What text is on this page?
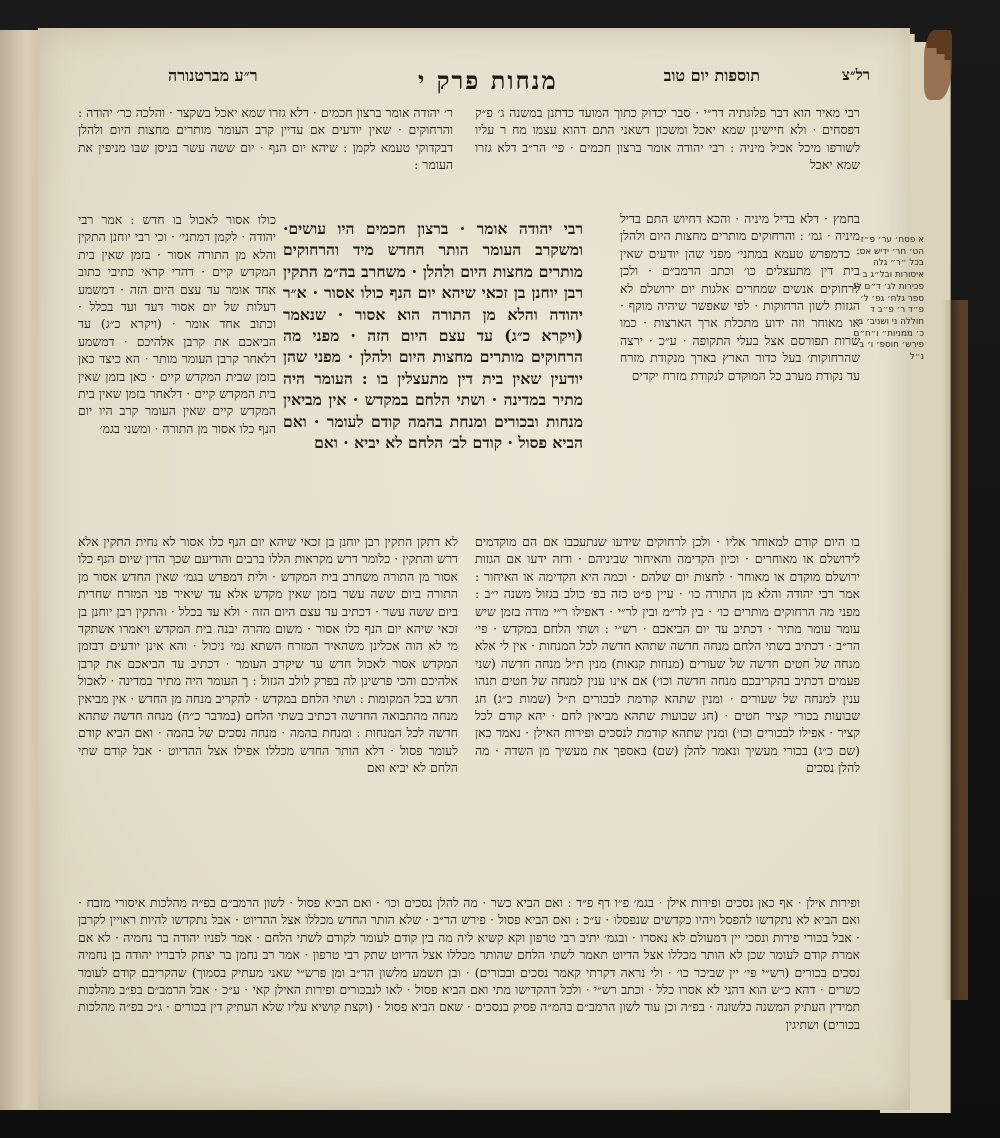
רל״צ
תוספות יום טוב
מנחות פרק י
ר״ע מברטנורה

רבי מאיר הוא דבר פלוגתיה דר״י · סבר יכדוק כתוך המועד כדתנן במשנה ג׳ פ״ק דפסחים · ולא חיישינן שמא יאכל ומשכון דשאני התם דהוא עצמו מח ר עליו לשורפו מיכל אכיל מיניה : רבי יהודה אומר ברצון חכמים · פי׳ הר״ב דלא גזרו שמא יאכל

ר׳ יהודה אומר ברצון חכמים · דלא גזרו שמא יאכל בשקצר · והלכה כר׳ יהודה : והרחוקים · שאין יודעים אם עדיין קרב העומר מותרים מחצות היום ולהלן דבקדוקי טעמא לקמן : שיהא יום הנף · יום ששה עשר בניסן שבו מניפין את העומר :

רבי יהודה אומר · ברצון חכמים היו עושים· ומשקרב העומר הותר החדש מיד והרחוקים מותרים מחצות היום ולהלן · משחרב בה״מ התקין רבן יוחנן בן זכאי שיהא יום הנף כולו אסור · א״ר יהודה והלא מן התורה הוא אסור · שנאמר (ויקרא כ״ג) עד עצם היום הזה · מפני מה הרחוקים מותרים מחצות היום ולהלן · מפני שהן יודעין שאין בית דין מתעצלין בו : העומר היה מתיר במדינה · ושתי הלחם במקדש · אין מביאין מנחות ובכורים ומנחת בהמה קודם לעומר · ואם הביא פסול · קודם לב׳ הלחם לא יביא · ואם

כולו אסור לאכול בו חדש : אמר רבי יהודה · לקמן דמתני׳ · וכי רבי יוחנן התקין והלא מן התורה אסור · בזמן שאין בית המקדש קיים · דהרי קראי כתיבי כתוב אחד אומר עד עצם היום הזה · דמשמע דעלות של יום אסור דעד ועד בכלל · וכתוב אחד אומר · (ויקרא כ״ג) עד הביאכם את קרבן אלהיכם · דמשמע דלאחר קרבן העומר מותר · הא כיצד כאן בזמן שבית המקדש קיים · כאן בזמן שאין בית המקדש קיים · דלאחר בזמן שאין בית המקדש קיים שאין העומר קרב היו יום הנף כלו אסור מן התורה · ומשני בגמ׳

בחמץ · דלא בדיל מיניה · והכא דחיוש התם בדיל מיניה · גמ׳ : והרחוקים מותרים מחצות היום ולהלן · כדמפרש טעמא במתני׳ מפני שהן יודעים שאין בית דין מתעצלים כו׳ וכתב הרמב״ם · ולכן לרחוקים אנשים שמחרים אלגות יום ירושלם לא הגזות לשון הרחוקות · לפי שאפשר שיהיה מוקף · או מאוחר וזה ידוע מתכלת ארך הארצות · כמו שרות תפורסם אצל בעלי התקופה · ע״כ · ירצה שהרחוקות׳ בעל כדור הארץ בארך מנקודת מזרח עד נקודת מערב כל המוקדם לנקודת מזרח יקדים

בו היום קודם למאוחר אליו · ולכן לרחוקים שידעו שנתעכבו אם הם מוקדמים לירושלם או מאוחרים · וכיון הקדימה והאיחור שביניהם · ודזה ידעו אם הגזות ירושלם מוקדם או מאוחר · לחצות יום שלהם · וכמה היא הקדימה או האיחור : אמר רבי יהודה והלא מן התורה כו׳ · עיין פ״ט כזה בפ׳ כולב בגזול משנה י״ב : מפני מה הרחוקים מותרים כו׳ · בין לר״מ ובין לר״י · דאפילו ר״י מודה בזמן שיש עומר עומר מתיר · דכתיב עד יום הביאכם · רש״י : ושתי הלחם במקדש · פי׳ הר״ב · דכתיב בשתי הלחם מנחה חדשה שתהא חדשה לכל המנחות · אין לי אלא מנחה של חטים חדשה של שעורים (מנחות קנאות) מנין ת״ל מנחה חדשה (שני פעמים דכתיב בהקריבכם מנחה חדשה וכו׳) אם אינו ענין למנחה של חטים תנהו ענין למנחה של שעורים · ומנין שתהא קודמת לבכורים ת״ל (שמות כ״ג) חג שבועות בכורי קציר חטים · (חג שבועות שתהא מביאין לחם · יהא קודם לכל קציר · אפילו לבכורים וכו׳) ומנין שתהא קודמת לנסכים ופירות האילן · נאמר כאן (שם כ״ג) בכורי מעשיך ונאמר להלן (שם) באספך את מעשיך מן השדה · מה להלן נסכים

לא דתקן התקין רבן יוחנן בן זכאי שיהא יום הנף כלו אסור לא נחית התקין אלא דרש והתקין · כלומר דרש מקראות הללו ברבים והודיעם שכך הדין שיום הנף כלו אסור מן התורה משחרב בית המקדש · ולית דמפרש בגמ׳ שאין החדש אסור מן התורה ביום ששה עשר בזמן שאין מקדש אלא עד שיאיר פני המזרח שחרית ביום ששה עשר · דכתיב עד עצם היום הזה · ולא עד בכלל · והתקין רבן יוחנן בן זכאי שיהא יום הנף כלו אסור · משום מהרה יבנה בית המקדש ויאמרו אשתקד מי לא הוה אכלינן משהאיר המזרח השתא נמי ניכול · והא אינן יודעים דבזמן המקדש אסור לאכול חדש עד שיקרב העומר · דכתיב עד הביאכם את קרבן אלהיכם והכי פרשינן לה בפרק לולב הגזול : ך העומר היה מתיר במדינה · לאכול חדש בכל המקומות : ושתי הלחם במקדש · להקריב מנחה מן החדש · אין מביאין מנחה מהתבואה החדשה דכתיב בשתי הלחם (במדבר כ״ח) מנחה חדשה שתהא חדשה לכל המנחות : ומנחת בהמה · מנחה נסכים של בהמה · ואם הביא קודם לעומר פסול · דלא הותר החדש מכללו אפילו אצל ההדיוט · אבל קודם שתי הלחם לא יביא ואם

ופירות אילן · אף כאן נסכים ופירות אילן · בגמ׳ פ״ו דף פ״ד : ואם הביא כשר · מה להלן נסכים וכו׳ · ואם הביא פסול · לשון הרמב״ם בפ״ה מהלכות איסורי מזבח · ואם הביא לא נתקדשו להפסל ויהיו כקדשים שנפסלו · ע״כ : ואם הביא פסול · פירש הר״ב · שלא הותר החדש מכללו אצל ההדיוט · אבל נתקדשו להיות ראויין לקרבן · אבל בכורי פירות ונסכי יין דמעולם לא נאסרו · ובגמ׳ יתיב רבי טרפון וקא קשיא ליה מה בין קודם לעומר לקודם לשתי הלחם · אמר לפניו יהודה בר נחמיה · לא אם אמרת קודם לעומר שכן לא הותר מכללו אצל הדיוט תאמר לשתי הלחם שהותר מכללו אצל הדיוט שתק רבי טרפון · אמר רב נחמן בר יצחק לדבריו יהודה בן נחמיה נסכים בכורים (רש״י פי׳ יין שביכר כו׳ · ולי נראה דקרתי קאמר נסכים ובכורים) · ובן תשמע מלשון הר״ב ומן פרש״י שאני מעתיק בסמוך) שהקריבם קודם לעומר כשרים · דהא כ״ש הוא דהני לא אסרו כלל · וכתב רש״י · ולכל דהקדישו מתי ואם הביא פסול · לאו לנבכורים ופירות האילן קאי · ע״כ · אבל הרמב״ם בפ״ב מהלכות תמידין העתיק המשנה כלשונה · בפ״ה וכן עוד לשון הרמב״ם בהמ״ה פסיק בנסכים · שאם הביא פסול · (וקצת קושיא עליו שלא העתיק דין בכורים · ג״כ בפ״ה מהלכות בכורים) ושתיגין

א פסח׳ ער׳ פ״ז הט׳ חר׳ ידיש אס׳ בכל ״ר״ גלה איסורות ובל״ג ב פכירות לג׳ ד״ם לג ספר גלח׳ גפ׳ ל׳ פ״ד ר׳ פ״ב ד חוללה ני ושניב׳ ב׳ כ׳ ממניות״ ו״ח״ם פירש׳ חוספ׳ ו׳ ב׳ נ״ל
